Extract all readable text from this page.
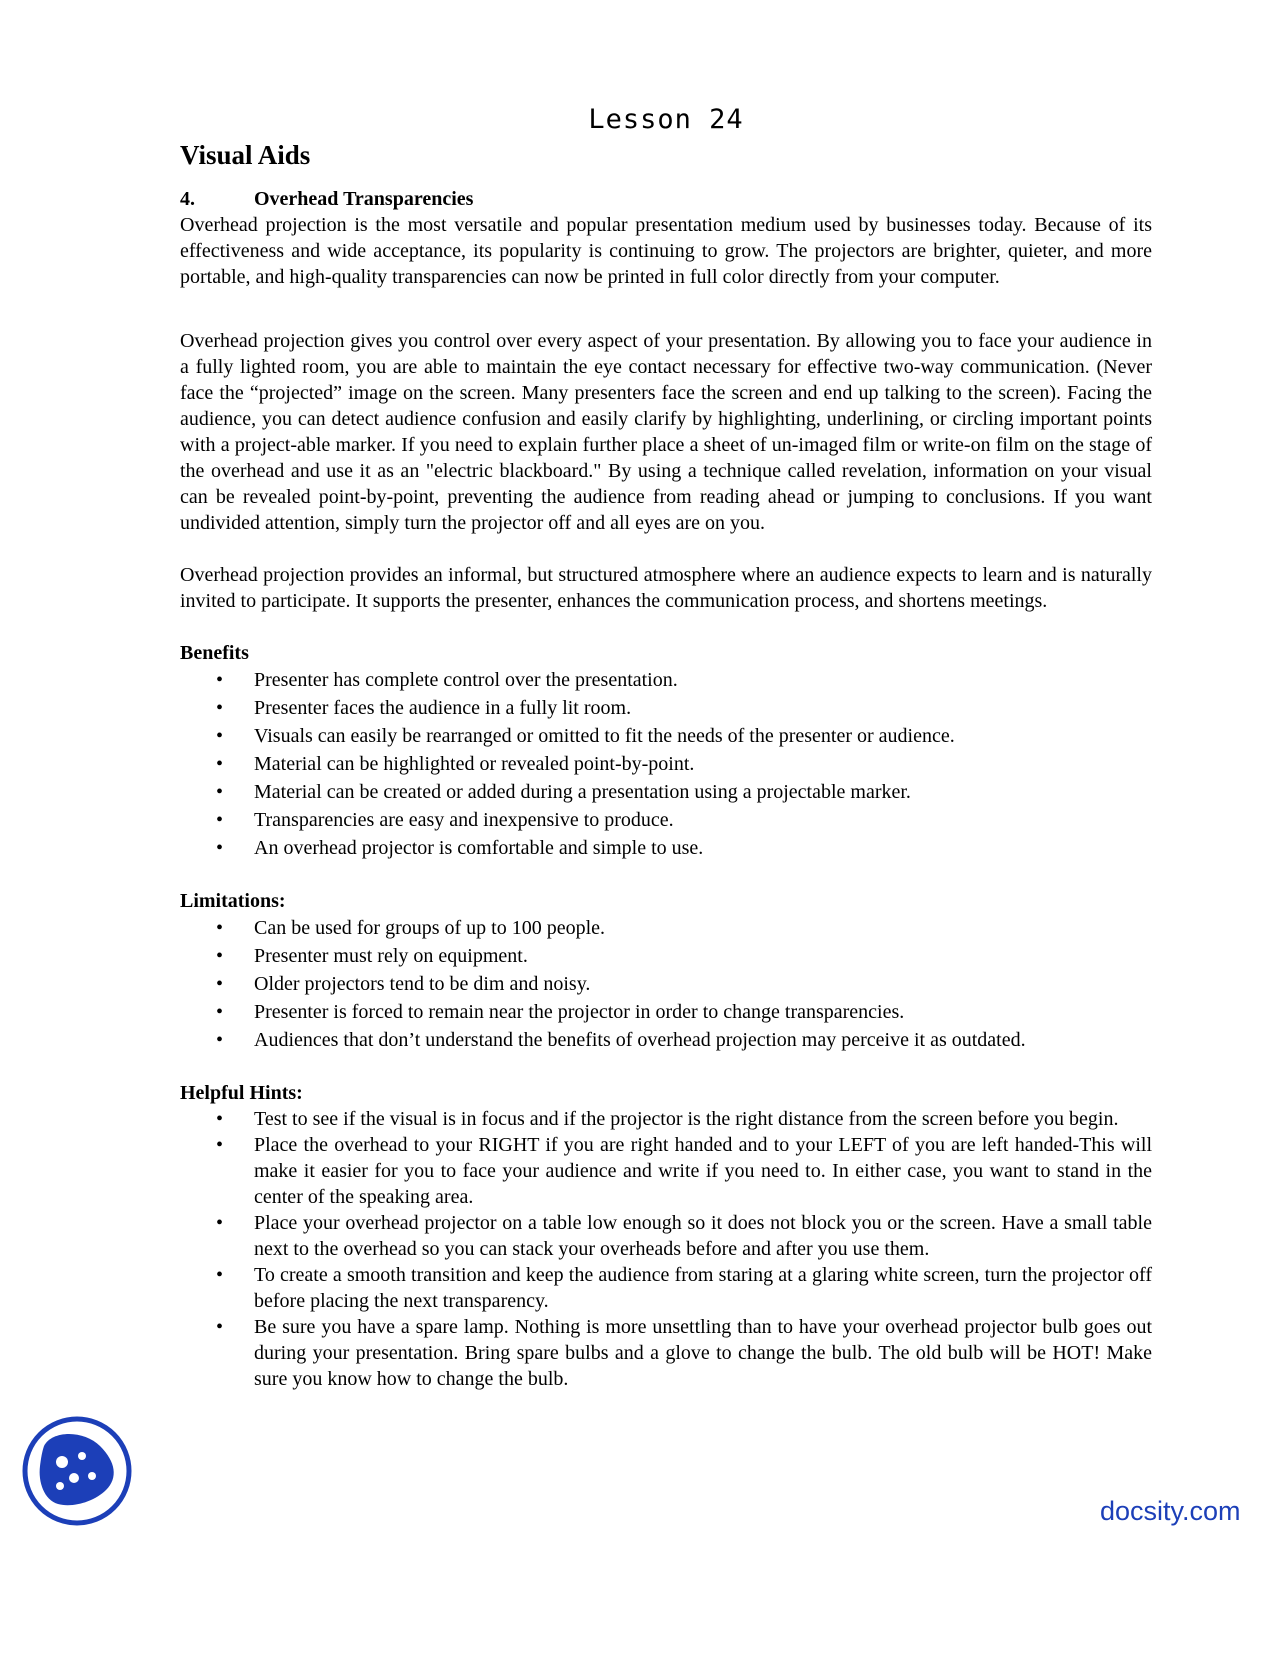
Lesson 24
Visual Aids
4.	Overhead Transparencies

Overhead projection is the most versatile and popular presentation medium used by businesses today. Because of its effectiveness and wide acceptance, its popularity is continuing to grow. The projectors are brighter, quieter, and more portable, and high-quality transparencies can now be printed in full color directly from your computer.

Overhead projection gives you control over every aspect of your presentation. By allowing you to face your audience in a fully lighted room, you are able to maintain the eye contact necessary for effective two-way communication. (Never face the “projected” image on the screen. Many presenters face the screen and end up talking to the screen). Facing the audience, you can detect audience confusion and easily clarify by highlighting, underlining, or circling important points with a project-able marker. If you need to explain further place a sheet of un-imaged film or write-on film on the stage of the overhead and use it as an "electric blackboard." By using a technique called revelation, information on your visual can be revealed point-by-point, preventing the audience from reading ahead or jumping to conclusions. If you want undivided attention, simply turn the projector off and all eyes are on you.

Overhead projection provides an informal, but structured atmosphere where an audience expects to learn and is naturally invited to participate. It supports the presenter, enhances the communication process, and shortens meetings.

Benefits
• Presenter has complete control over the presentation.
• Presenter faces the audience in a fully lit room.
• Visuals can easily be rearranged or omitted to fit the needs of the presenter or audience.
• Material can be highlighted or revealed point-by-point.
• Material can be created or added during a presentation using a projectable marker.
• Transparencies are easy and inexpensive to produce.
• An overhead projector is comfortable and simple to use.
Limitations:
• Can be used for groups of up to 100 people.
• Presenter must rely on equipment.
• Older projectors tend to be dim and noisy.
• Presenter is forced to remain near the projector in order to change transparencies.
• Audiences that don’t understand the benefits of overhead projection may perceive it as outdated.
Helpful Hints:
• Test to see if the visual is in focus and if the projector is the right distance from the screen before you begin.
• Place the overhead to your RIGHT if you are right handed and to your LEFT of you are left handed-This will make it easier for you to face your audience and write if you need to. In either case, you want to stand in the center of the speaking area.
• Place your overhead projector on a table low enough so it does not block you or the screen. Have a small table next to the overhead so you can stack your overheads before and after you use them.
• To create a smooth transition and keep the audience from staring at a glaring white screen, turn the projector off before placing the next transparency.
• Be sure you have a spare lamp. Nothing is more unsettling than to have your overhead projector bulb goes out during your presentation. Bring spare bulbs and a glove to change the bulb. The old bulb will be HOT! Make sure you know how to change the bulb.
docsity.com
